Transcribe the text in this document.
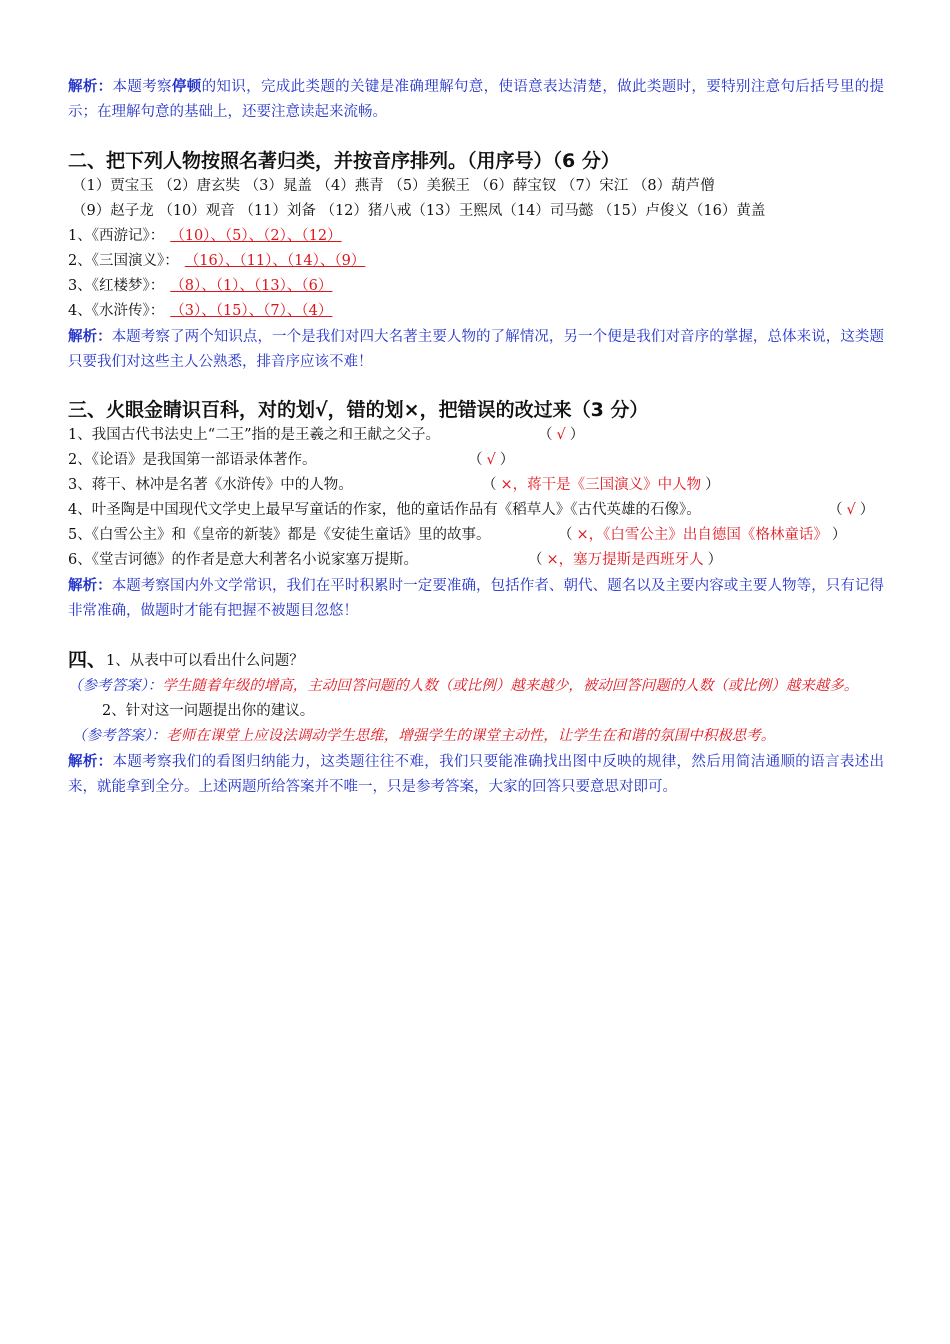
解析：本题考察停顿的知识，完成此类题的关键是准确理解句意，使语意表达清楚，做此类题时，要特别注意句后括号里的提示；在理解句意的基础上，还要注意读起来流畅。

二、把下列人物按照名著归类，并按音序排列。（用序号）（6 分）

（1）贾宝玉 （2）唐玄奘 （3）晁盖 （4）燕青 （5）美猴王 （6）薛宝钗 （7）宋江 （8）葫芦僧

（9）赵子龙 （10）观音 （11）刘备 （12）猪八戒（13）王熙凤（14）司马懿 （15）卢俊义（16）黄盖

1、《西游记》： （10）、（5）、（2）、（12）

2、《三国演义》： （16）、（11）、（14）、（9）

3、《红楼梦》： （8）、（1）、（13）、（6）

4、《水浒传》： （3）、（15）、（7）、（4）

解析：本题考察了两个知识点，一个是我们对四大名著主要人物的了解情况，另一个便是我们对音序的掌握，总体来说，这类题只要我们对这些主人公熟悉，排音序应该不难！

三、火眼金睛识百科，对的划√，错的划×，把错误的改过来（3 分）

1、我国古代书法史上“二王”指的是王羲之和王献之父子。	（ √ ）

2、《论语》是我国第一部语录体著作。	（ √ ）

3、蒋干、林冲是名著《水浒传》中的人物。	（ ×，蒋干是《三国演义》中人物 ）

4、叶圣陶是中国现代文学史上最早写童话的作家，他的童话作品有《稻草人》《古代英雄的石像》。	（ √ ）

5、《白雪公主》和《皇帝的新装》都是《安徒生童话》里的故事。	（ ×，《白雪公主》出自德国《格林童话》 ）

6、《堂吉诃德》的作者是意大利著名小说家塞万提斯。	（ ×，塞万提斯是西班牙人 ）

解析：本题考察国内外文学常识，我们在平时积累时一定要准确，包括作者、朝代、题名以及主要内容或主要人物等，只有记得非常准确，做题时才能有把握不被题目忽悠！

四、 1、从表中可以看出什么问题？

（参考答案）：学生随着年级的增高，主动回答问题的人数（或比例）越来越少，被动回答问题的人数（或比例）越来越多。

2、针对这一问题提出你的建议。

（参考答案）： 老师在课堂上应设法调动学生思维，增强学生的课堂主动性，让学生在和谐的氛围中积极思考。

解析：本题考察我们的看图归纳能力，这类题往往不难，我们只要能准确找出图中反映的规律，然后用简洁通顺的语言表述出来，就能拿到全分。上述两题所给答案并不唯一，只是参考答案，大家的回答只要意思对即可。
